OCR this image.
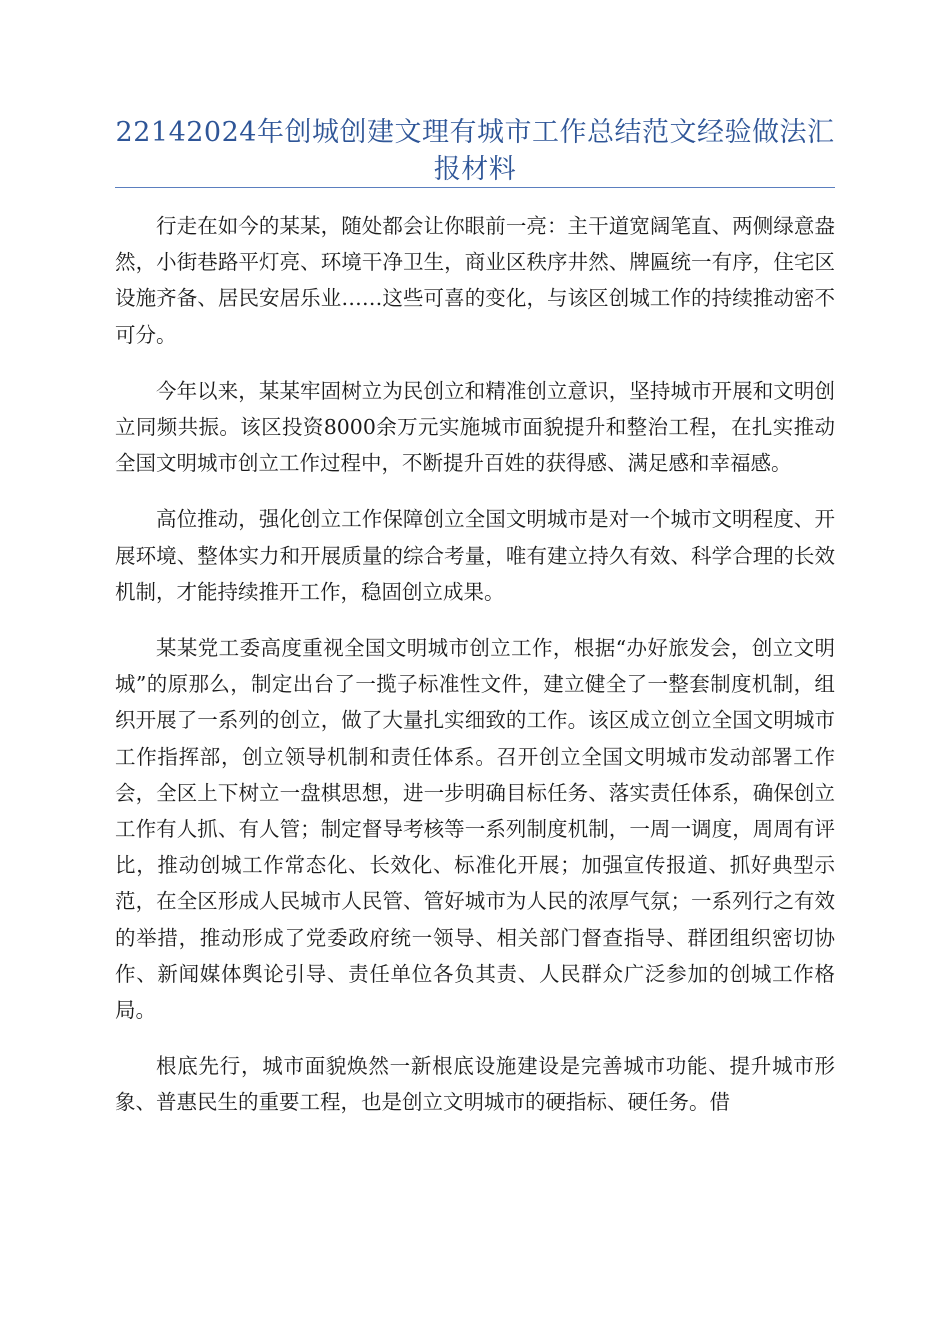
22142024年创城创建文理有城市工作总结范文经验做法汇报材料

行走在如今的某某，随处都会让你眼前一亮：主干道宽阔笔直、两侧绿意盎然，小街巷路平灯亮、环境干净卫生，商业区秩序井然、牌匾统一有序，住宅区设施齐备、居民安居乐业……这些可喜的变化，与该区创城工作的持续推动密不可分。

今年以来，某某牢固树立为民创立和精准创立意识，坚持城市开展和文明创立同频共振。该区投资8000余万元实施城市面貌提升和整治工程，在扎实推动全国文明城市创立工作过程中，不断提升百姓的获得感、满足感和幸福感。

高位推动，强化创立工作保障创立全国文明城市是对一个城市文明程度、开展环境、整体实力和开展质量的综合考量，唯有建立持久有效、科学合理的长效机制，才能持续推开工作，稳固创立成果。

某某党工委高度重视全国文明城市创立工作，根据“办好旅发会，创立文明城”的原那么，制定出台了一揽子标准性文件，建立健全了一整套制度机制，组织开展了一系列的创立，做了大量扎实细致的工作。该区成立创立全国文明城市工作指挥部，创立领导机制和责任体系。召开创立全国文明城市发动部署工作会，全区上下树立一盘棋思想，进一步明确目标任务、落实责任体系，确保创立工作有人抓、有人管；制定督导考核等一系列制度机制，一周一调度，周周有评比，推动创城工作常态化、长效化、标准化开展；加强宣传报道、抓好典型示范，在全区形成人民城市人民管、管好城市为人民的浓厚气氛；一系列行之有效的举措，推动形成了党委政府统一领导、相关部门督查指导、群团组织密切协作、新闻媒体舆论引导、责任单位各负其责、人民群众广泛参加的创城工作格局。

根底先行，城市面貌焕然一新根底设施建设是完善城市功能、提升城市形象、普惠民生的重要工程，也是创立文明城市的硬指标、硬任务。借
